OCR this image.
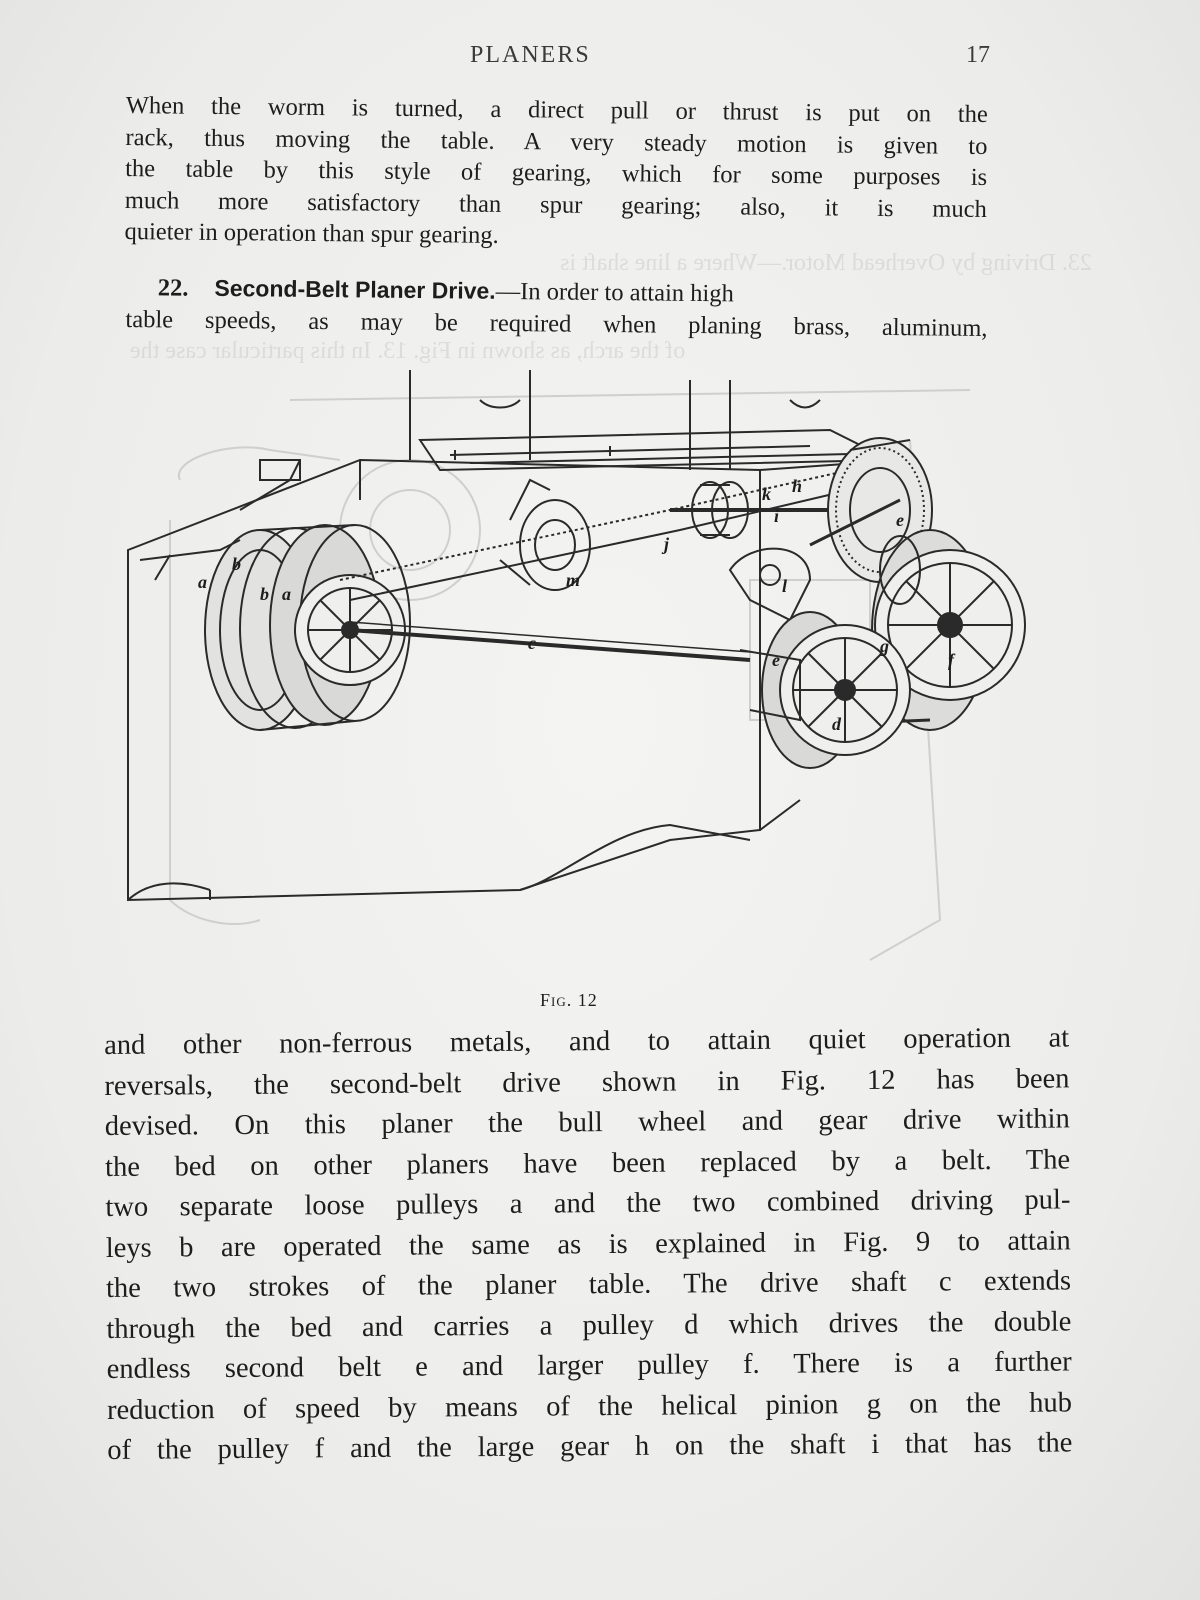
of the arch, as shown in Fig. 13. In this particular case the
23. Driving by Overhead Motor.—Where a line shaft is
PLANERS	17
When the worm is turned, a direct pull or thrust is put on the
rack, thus moving the table. A very steady motion is given to
the table by this style of gearing, which for some purposes is
much more satisfactory than spur gearing; also, it is much
quieter in operation than spur gearing.
22. Second-Belt Planer Drive.—In order to attain high
table speeds, as may be required when planing brass, aluminum,
a
b
b a
c
d
e
e
f
g
h
i
j
k
l
m
Fig. 12
and other non-ferrous metals, and to attain quiet operation at
reversals, the second-belt drive shown in Fig. 12 has been
devised. On this planer the bull wheel and gear drive within
the bed on other planers have been replaced by a belt. The
two separate loose pulleys a and the two combined driving pul-
leys b are operated the same as is explained in Fig. 9 to attain
the two strokes of the planer table. The drive shaft c extends
through the bed and carries a pulley d which drives the double
endless second belt e and larger pulley f. There is a further
reduction of speed by means of the helical pinion g on the hub
of the pulley f and the large gear h on the shaft i that has the
